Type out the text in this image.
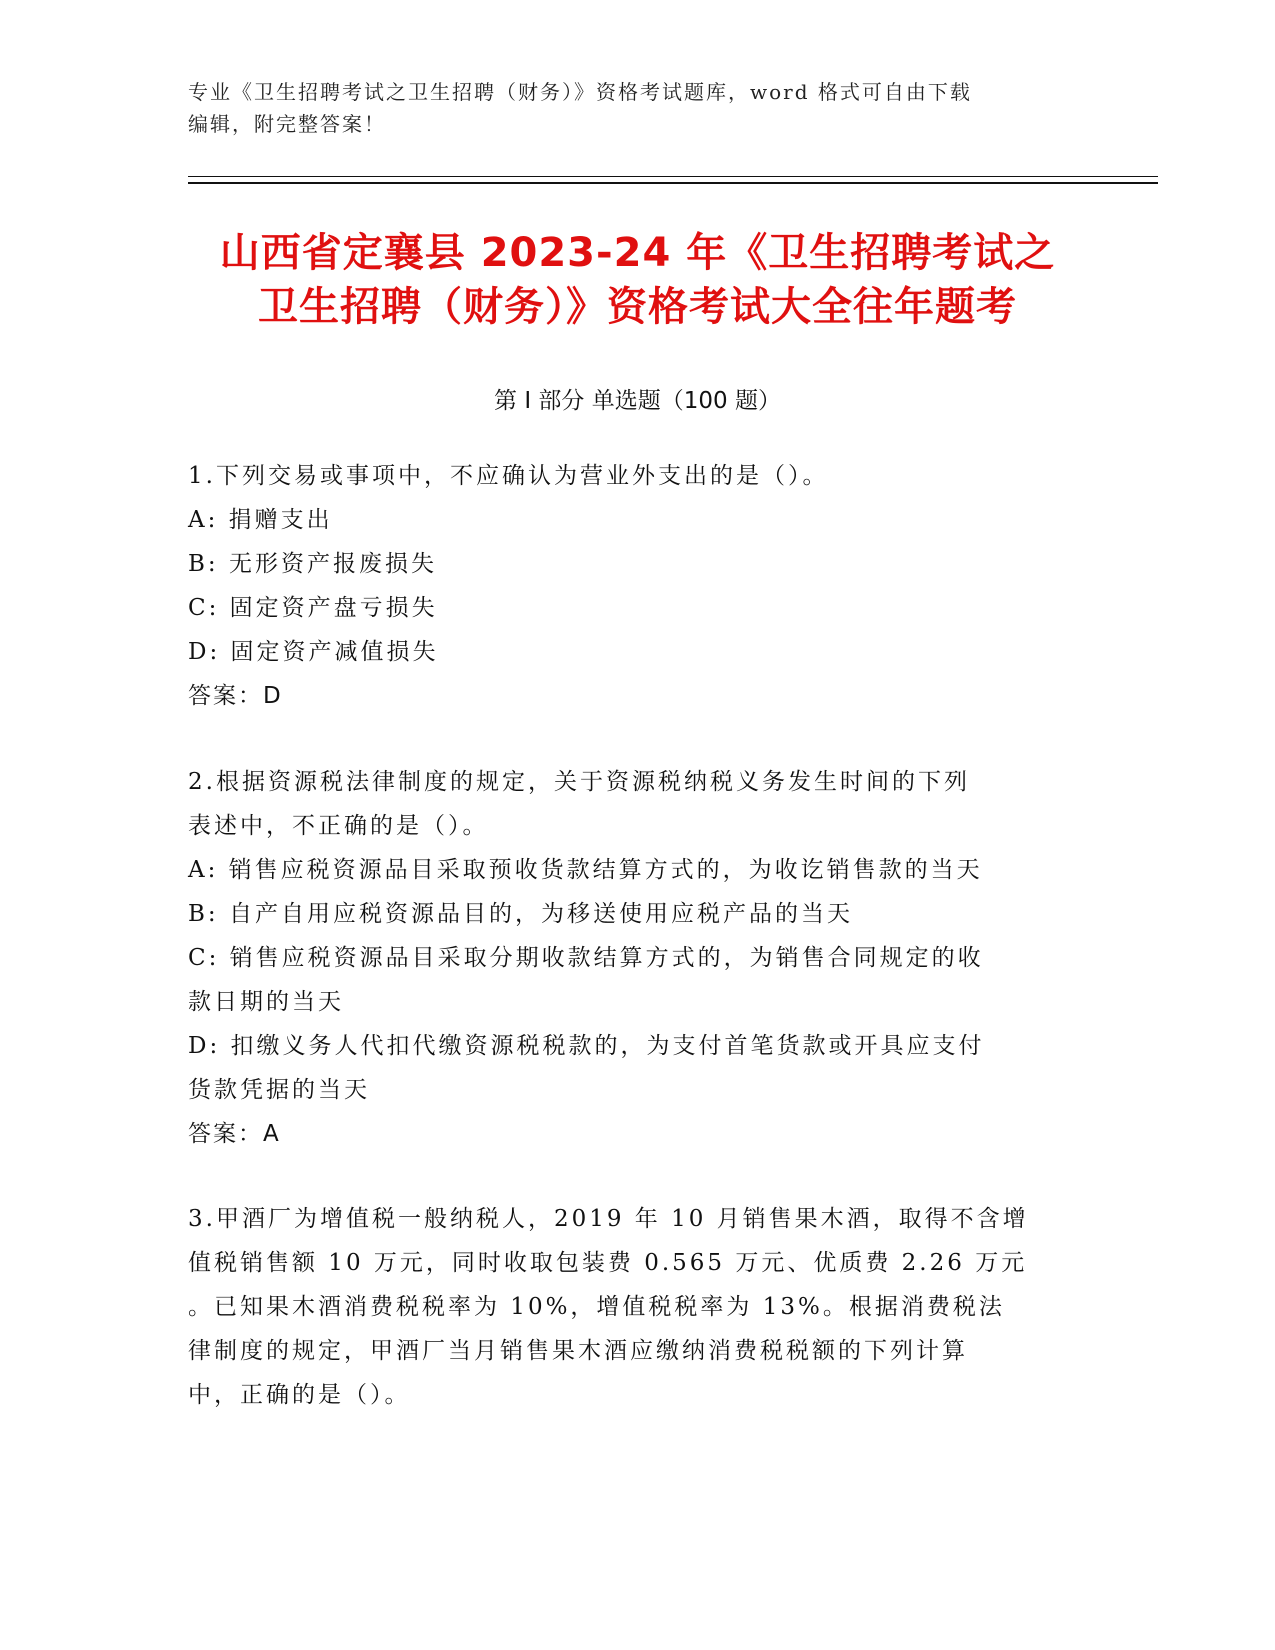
专业《卫生招聘考试之卫生招聘（财务）》资格考试题库，word 格式可自由下载
编辑，附完整答案！
山西省定襄县 2023-24 年《卫生招聘考试之
卫生招聘（财务）》资格考试大全往年题考
第 I 部分 单选题（100 题）
1.下列交易或事项中，不应确认为营业外支出的是（）。
A: 捐赠支出
B: 无形资产报废损失
C: 固定资产盘亏损失
D: 固定资产减值损失
答案：D
2.根据资源税法律制度的规定，关于资源税纳税义务发生时间的下列
表述中，不正确的是（）。
A: 销售应税资源品目采取预收货款结算方式的，为收讫销售款的当天
B: 自产自用应税资源品目的，为移送使用应税产品的当天
C: 销售应税资源品目采取分期收款结算方式的，为销售合同规定的收
款日期的当天
D: 扣缴义务人代扣代缴资源税税款的，为支付首笔货款或开具应支付
货款凭据的当天
答案：A
3.甲酒厂为增值税一般纳税人，2019 年 10 月销售果木酒，取得不含增
值税销售额 10 万元，同时收取包装费 0.565 万元、优质费 2.26 万元
。已知果木酒消费税税率为 10%，增值税税率为 13%。根据消费税法
律制度的规定，甲酒厂当月销售果木酒应缴纳消费税税额的下列计算
中，正确的是（）。
